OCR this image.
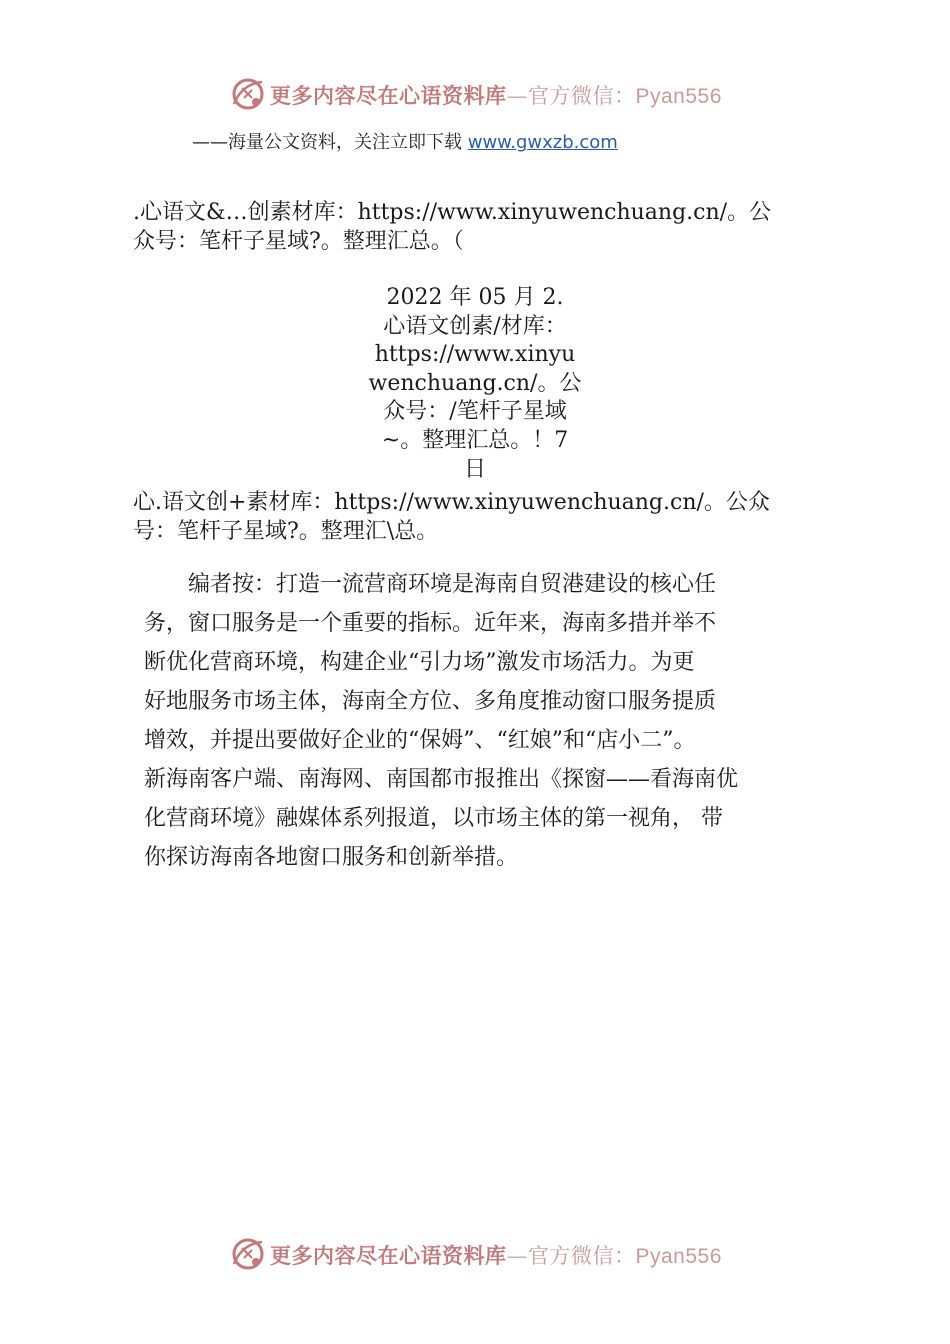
更多内容尽在心语资料库—官方微信：Pyan556
——海量公文资料，关注立即下载 www.gwxzb.com
.心语文&…创素材库：https://www.xinyuwenchuang.cn/。公
众号：笔杆子星域?。整理汇总。（
2022 年 05 月 2.
心语文创素/材库：
https://www.xinyu
wenchuang.cn/。公
众号：/笔杆子星域
~。整理汇总。！7
日
心.语文创+素材库：https://www.xinyuwenchuang.cn/。公众
号：笔杆子星域?。整理汇\总。
编者按：打造一流营商环境是海南自贸港建设的核心任
务，窗口服务是一个重要的指标。近年来，海南多措并举不
断优化营商环境，构建企业“引力场”激发市场活力。为更
好地服务市场主体，海南全方位、多角度推动窗口服务提质
增效，并提出要做好企业的“保姆”、“红娘”和“店小二”。
新海南客户端、南海网、南国都市报推出《探窗——看海南优
化营商环境》融媒体系列报道，以市场主体的第一视角， 带
你探访海南各地窗口服务和创新举措。
更多内容尽在心语资料库—官方微信：Pyan556
